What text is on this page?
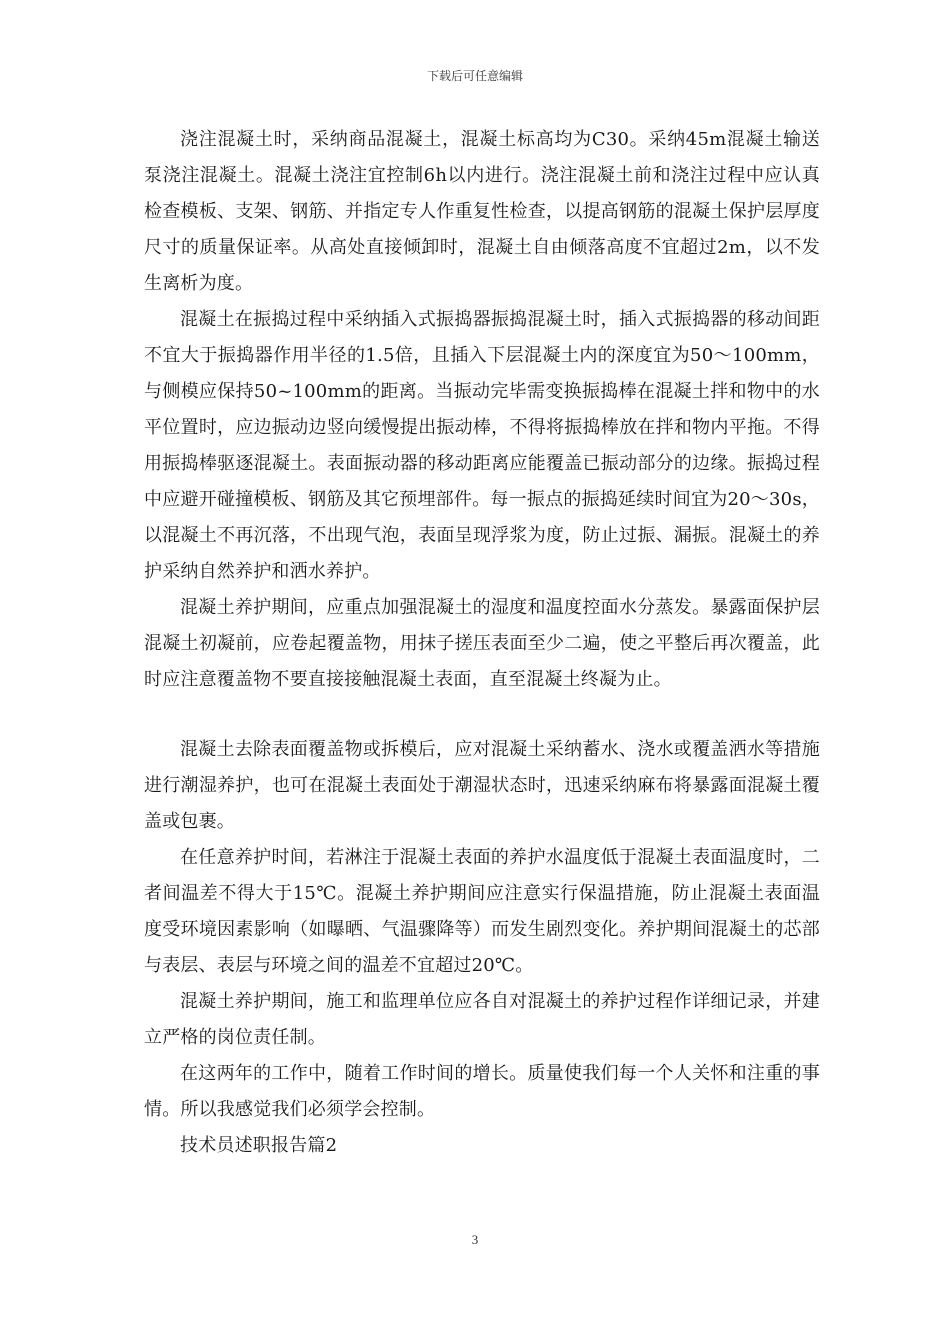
下载后可任意编辑

浇注混凝土时，采纳商品混凝土，混凝土标高均为C30。采纳45m混凝土输送泵浇注混凝土。混凝土浇注宜控制6h以内进行。浇注混凝土前和浇注过程中应认真检查模板、支架、钢筋、并指定专人作重复性检查，以提高钢筋的混凝土保护层厚度尺寸的质量保证率。从高处直接倾卸时，混凝土自由倾落高度不宜超过2m，以不发生离析为度。

混凝土在振捣过程中采纳插入式振捣器振捣混凝土时，插入式振捣器的移动间距不宜大于振捣器作用半径的1.5倍，且插入下层混凝土内的深度宜为50～100mm，与侧模应保持50~100mm的距离。当振动完毕需变换振捣棒在混凝土拌和物中的水平位置时，应边振动边竖向缓慢提出振动棒，不得将振捣棒放在拌和物内平拖。不得用振捣棒驱逐混凝土。表面振动器的移动距离应能覆盖已振动部分的边缘。振捣过程中应避开碰撞模板、钢筋及其它预埋部件。每一振点的振捣延续时间宜为20～30s，以混凝土不再沉落，不出现气泡，表面呈现浮浆为度，防止过振、漏振。混凝土的养护采纳自然养护和洒水养护。

混凝土养护期间，应重点加强混凝土的湿度和温度控面水分蒸发。暴露面保护层混凝土初凝前，应卷起覆盖物，用抹子搓压表面至少二遍，使之平整后再次覆盖，此时应注意覆盖物不要直接接触混凝土表面，直至混凝土终凝为止。

混凝土去除表面覆盖物或拆模后，应对混凝土采纳蓄水、浇水或覆盖洒水等措施进行潮湿养护，也可在混凝土表面处于潮湿状态时，迅速采纳麻布将暴露面混凝土覆盖或包裹。

在任意养护时间，若淋注于混凝土表面的养护水温度低于混凝土表面温度时，二者间温差不得大于15℃。混凝土养护期间应注意实行保温措施，防止混凝土表面温度受环境因素影响（如曝晒、气温骤降等）而发生剧烈变化。养护期间混凝土的芯部与表层、表层与环境之间的温差不宜超过20℃。

混凝土养护期间，施工和监理单位应各自对混凝土的养护过程作详细记录，并建立严格的岗位责任制。

在这两年的工作中，随着工作时间的增长。质量使我们每一个人关怀和注重的事情。所以我感觉我们必须学会控制。

技术员述职报告篇2

3
